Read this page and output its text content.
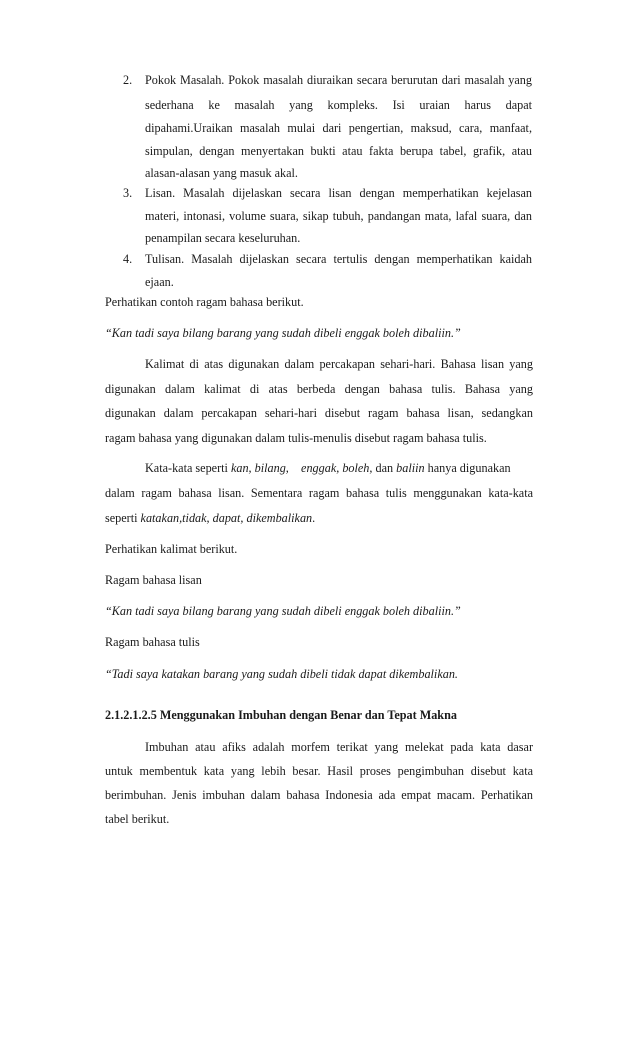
2. Pokok Masalah. Pokok masalah diuraikan secara berurutan dari masalah yang
sederhana ke masalah yang kompleks. Isi uraian harus dapat
dipahami.Uraikan masalah mulai dari pengertian, maksud, cara, manfaat,
simpulan, dengan menyertakan bukti atau fakta berupa tabel, grafik, atau
alasan-alasan yang masuk akal.
3. Lisan. Masalah dijelaskan secara lisan dengan memperhatikan kejelasan
materi, intonasi, volume suara, sikap tubuh, pandangan mata, lafal suara, dan
penampilan secara keseluruhan.
4. Tulisan. Masalah dijelaskan secara tertulis dengan memperhatikan kaidah
ejaan.
Perhatikan contoh ragam bahasa berikut.
“Kan tadi saya bilang barang yang sudah dibeli enggak boleh dibaliin.”
Kalimat di atas digunakan dalam percakapan sehari-hari. Bahasa lisan yang
digunakan dalam kalimat di atas berbeda dengan bahasa tulis. Bahasa yang
digunakan dalam percakapan sehari-hari disebut ragam bahasa lisan, sedangkan
ragam bahasa yang digunakan dalam tulis-menulis disebut ragam bahasa tulis.
Kata-kata seperti kan, bilang, enggak, boleh, dan baliin hanya digunakan
dalam ragam bahasa lisan. Sementara ragam bahasa tulis menggunakan kata-kata
seperti katakan,tidak, dapat, dikembalikan.
Perhatikan kalimat berikut.
Ragam bahasa lisan
“Kan tadi saya bilang barang yang sudah dibeli enggak boleh dibaliin.”
Ragam bahasa tulis
“Tadi saya katakan barang yang sudah dibeli tidak dapat dikembalikan.
2.1.2.1.2.5 Menggunakan Imbuhan dengan Benar dan Tepat Makna
Imbuhan atau afiks adalah morfem terikat yang melekat pada kata dasar
untuk membentuk kata yang lebih besar. Hasil proses pengimbuhan disebut kata
berimbuhan. Jenis imbuhan dalam bahasa Indonesia ada empat macam. Perhatikan
tabel berikut.
